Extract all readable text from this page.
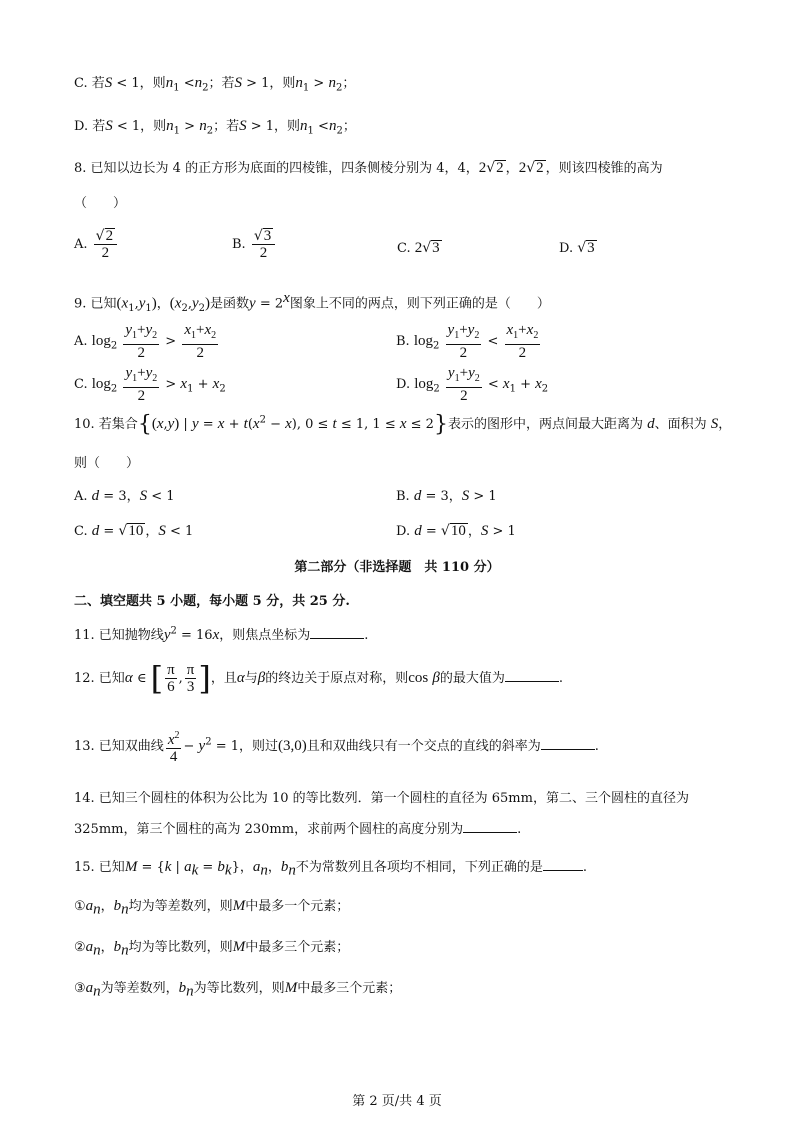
C. 若S < 1，则$n_1 <n_2$；若S > 1，则$n_1 > n_2$；
D. 若S < 1，则$n_1 > n_2$；若S > 1，则$n_1 <n_2$；
8. 已知以边长为 4 的正方形为底面的四棱锥，四条侧棱分别为 4，4，2√2 ，2√2 ，则该四棱锥的高为
（　　）
A. $\frac{√2}{2}$	B. $\frac{√3}{2}$	C. 2√3	D. √3
9. 已知$(x_1,y_1)$，$(x_2,y_2)$是函数$y = 2^x$图象上不同的两点，则下列正确的是（　　）
A. $\log_2 \frac{y_1+y_2}{2} > \frac{x_1+x_2}{2}$	B. $\log_2 \frac{y_1+y_2}{2} < \frac{x_1+x_2}{2}$
C. $\log_2 \frac{y_1+y_2}{2} > x_1 + x_2$	D. $\log_2 \frac{y_1+y_2}{2} < x_1 + x_2$
10. 若集合{(x,y) | $y = x + t(x^2 - x)$, 0 ≤ t ≤ 1, 1 ≤ x ≤ 2}表示的图形中，两点间最大距离为 d、面积为 S，
则（　　）
A. d = 3，S < 1	B. d = 3，S > 1
C. d = √10 ，S < 1	D. d = √10 ，S > 1
第二部分（非选择题　共 110 分）
二、填空题共 5 小题，每小题 5 分，共 25 分.
11. 已知抛物线$y^2 = 16x$，则焦点坐标为	.
12. 已知α ∈ [ $\frac{\pi}{6}$ , $\frac{\pi}{3}$ ]，且α与β的终边关于原点对称，则cos β的最大值为	.
13. 已知双曲线 $\frac{x^2}{4} - y^2 = 1$，则过(3,0)且和双曲线只有一个交点的直线的斜率为	.
14. 已知三个圆柱的体积为公比为 10 的等比数列．第一个圆柱的直径为 65mm，第二、三个圆柱的直径为
325mm，第三个圆柱的高为 230mm，求前两个圆柱的高度分别为	.
15. 已知M = {k | $a_k = b_k$}，$a_n$，$b_n$不为常数列且各项均不相同，下列正确的是	.
$①a_n$，$b_n$均为等差数列，则M中最多一个元素；
$②a_n$，$b_n$均为等比数列，则M中最多三个元素；
$③a_n$为等差数列，$b_n$为等比数列，则M中最多三个元素；
第 2 页/共 4 页
